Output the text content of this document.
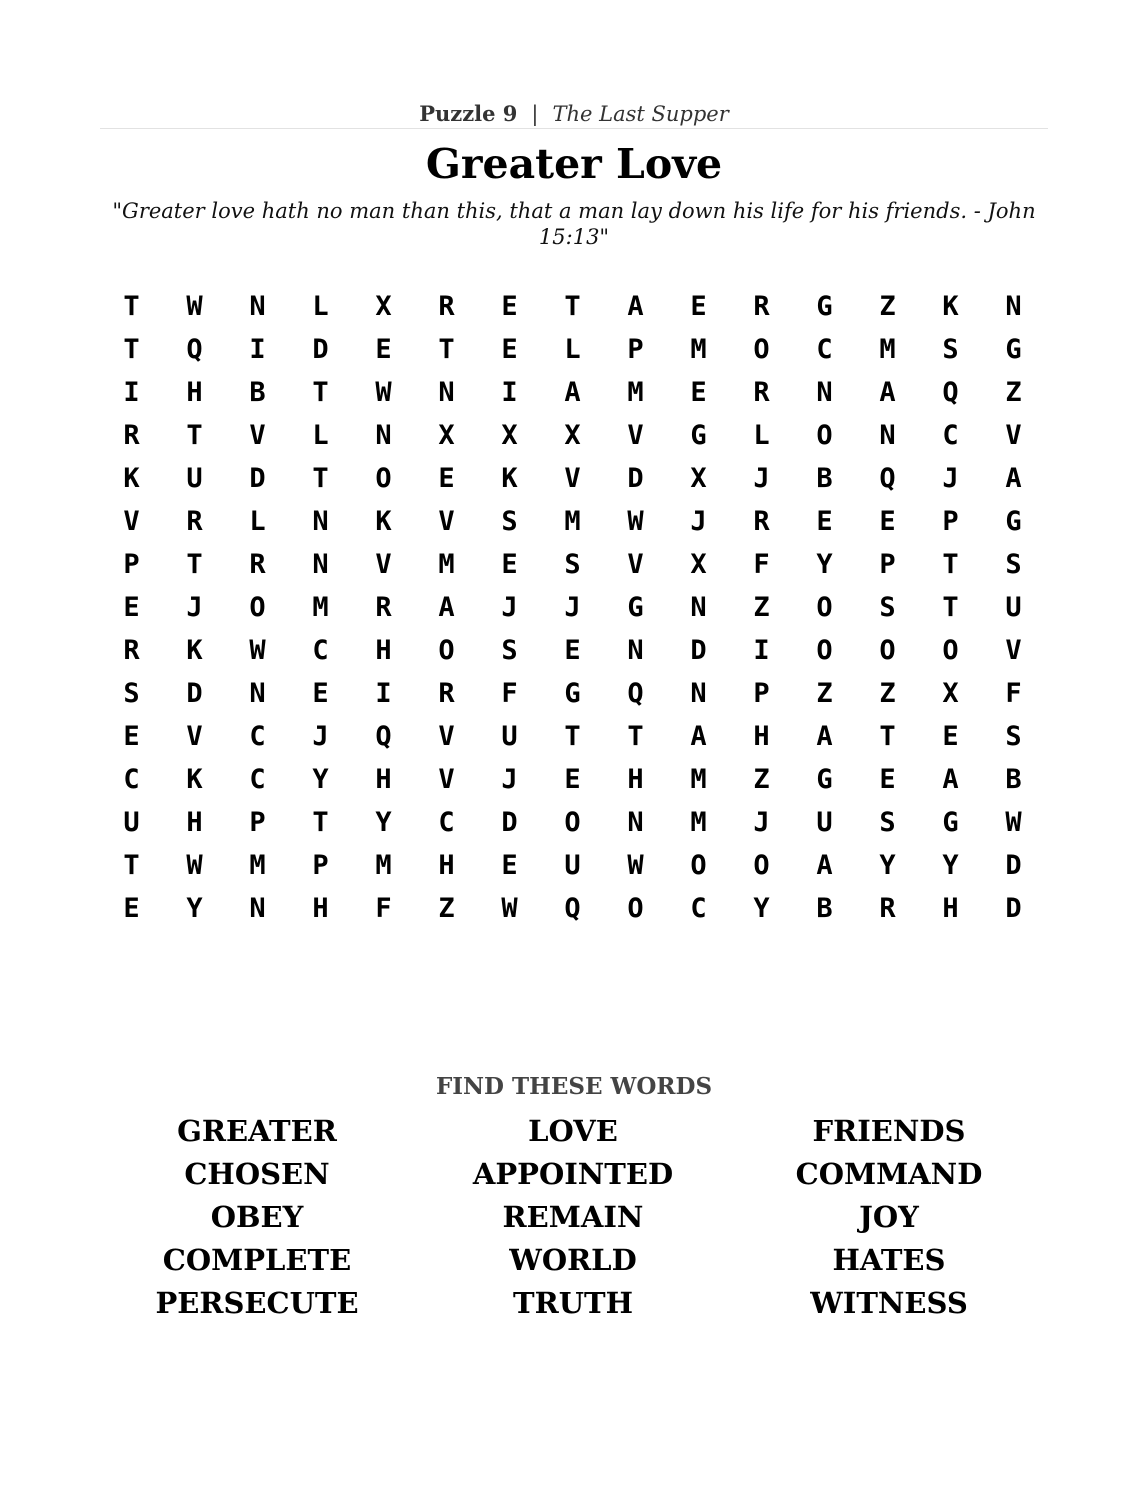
Puzzle 9 | The Last Supper
Greater Love
"Greater love hath no man than this, that a man lay down his life for his friends. - John 15:13"
T	W	N	L	X	R	E	T	A	E	R	G	Z	K	N
T	Q	I	D	E	T	E	L	P	M	O	C	M	S	G
I	H	B	T	W	N	I	A	M	E	R	N	A	Q	Z
R	T	V	L	N	X	X	X	V	G	L	O	N	C	V
K	U	D	T	O	E	K	V	D	X	J	B	Q	J	A
V	R	L	N	K	V	S	M	W	J	R	E	E	P	G
P	T	R	N	V	M	E	S	V	X	F	Y	P	T	S
E	J	O	M	R	A	J	J	G	N	Z	O	S	T	U
R	K	W	C	H	O	S	E	N	D	I	O	O	O	V
S	D	N	E	I	R	F	G	Q	N	P	Z	Z	X	F
E	V	C	J	Q	V	U	T	T	A	H	A	T	E	S
C	K	C	Y	H	V	J	E	H	M	Z	G	E	A	B
U	H	P	T	Y	C	D	O	N	M	J	U	S	G	W
T	W	M	P	M	H	E	U	W	O	O	A	Y	Y	D
E	Y	N	H	F	Z	W	Q	O	C	Y	B	R	H	D
FIND THESE WORDS
GREATER	LOVE	FRIENDS
CHOSEN	APPOINTED	COMMAND
OBEY	REMAIN	JOY
COMPLETE	WORLD	HATES
PERSECUTE	TRUTH	WITNESS
